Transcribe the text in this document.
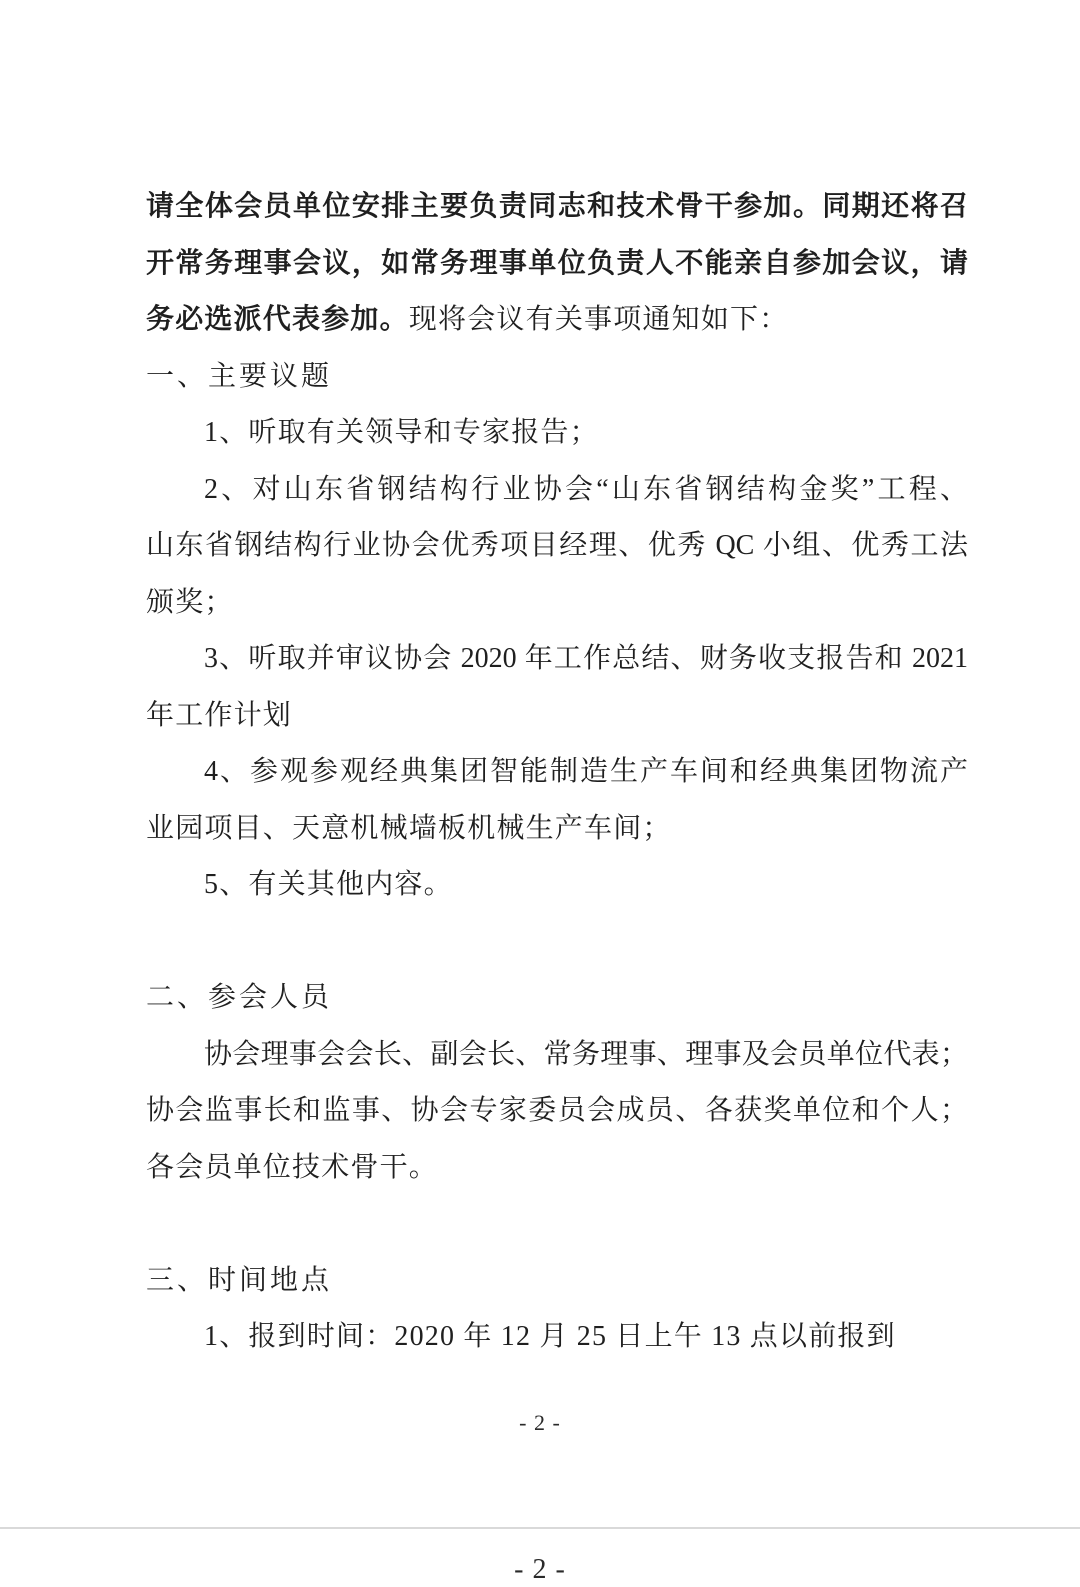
请全体会员单位安排主要负责同志和技术骨干参加。同期还将召
开常务理事会议，如常务理事单位负责人不能亲自参加会议，请
务必选派代表参加。现将会议有关事项通知如下：
一、主要议题
1、听取有关领导和专家报告；
2、对山东省钢结构行业协会“山东省钢结构金奖”工程、
山东省钢结构行业协会优秀项目经理、优秀 QC 小组、优秀工法
颁奖；
3、听取并审议协会 2020 年工作总结、财务收支报告和 2021
年工作计划
4、参观参观经典集团智能制造生产车间和经典集团物流产
业园项目、天意机械墙板机械生产车间；
5、有关其他内容。
二、参会人员
协会理事会会长、副会长、常务理事、理事及会员单位代表；
协会监事长和监事、协会专家委员会成员、各获奖单位和个人；
各会员单位技术骨干。
三、时间地点
1、报到时间：2020 年 12 月 25 日上午 13 点以前报到
- 2 -
- 2 -
